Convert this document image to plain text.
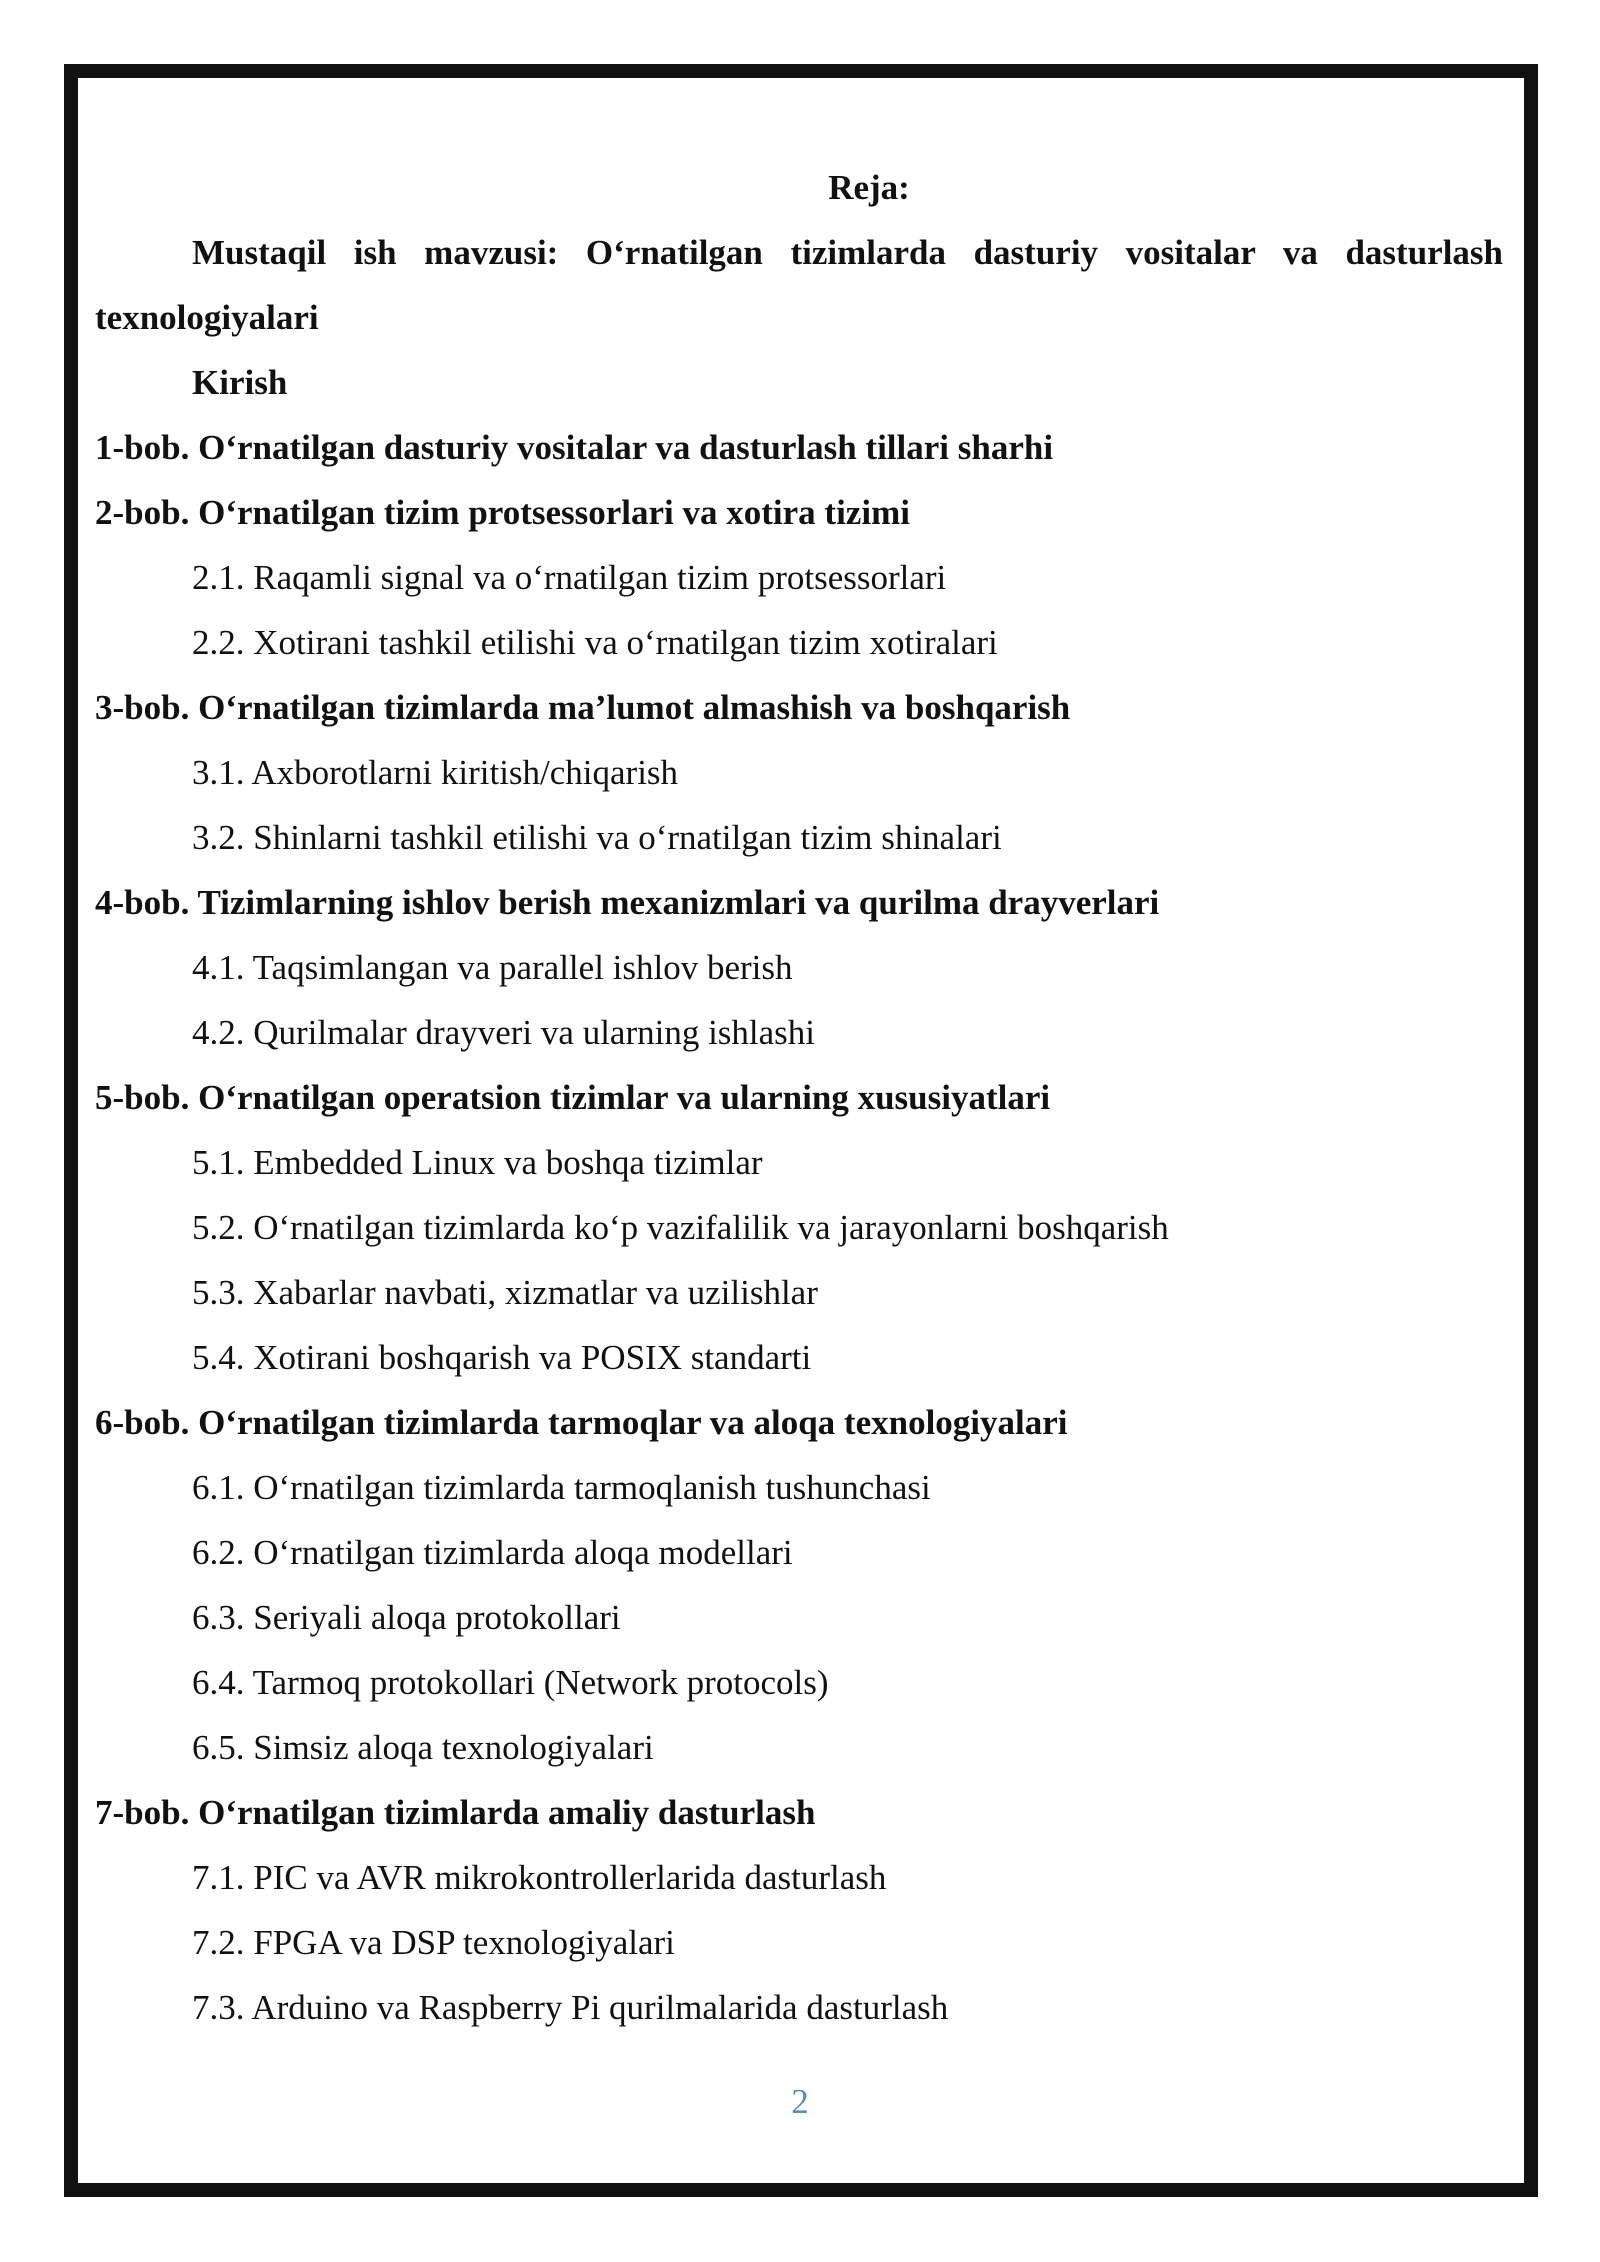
Reja:
Mustaqil ish mavzusi: O‘rnatilgan tizimlarda dasturiy vositalar va dasturlash
texnologiyalari
Kirish
1-bob. O‘rnatilgan dasturiy vositalar va dasturlash tillari sharhi
2-bob. O‘rnatilgan tizim protsessorlari va xotira tizimi
2.1. Raqamli signal va o‘rnatilgan tizim protsessorlari
2.2. Xotirani tashkil etilishi va o‘rnatilgan tizim xotiralari
3-bob. O‘rnatilgan tizimlarda ma’lumot almashish va boshqarish
3.1. Axborotlarni kiritish/chiqarish
3.2. Shinlarni tashkil etilishi va o‘rnatilgan tizim shinalari
4-bob. Tizimlarning ishlov berish mexanizmlari va qurilma drayverlari
4.1. Taqsimlangan va parallel ishlov berish
4.2. Qurilmalar drayveri va ularning ishlashi
5-bob. O‘rnatilgan operatsion tizimlar va ularning xususiyatlari
5.1. Embedded Linux va boshqa tizimlar
5.2. O‘rnatilgan tizimlarda ko‘p vazifalilik va jarayonlarni boshqarish
5.3. Xabarlar navbati, xizmatlar va uzilishlar
5.4. Xotirani boshqarish va POSIX standarti
6-bob. O‘rnatilgan tizimlarda tarmoqlar va aloqa texnologiyalari
6.1. O‘rnatilgan tizimlarda tarmoqlanish tushunchasi
6.2. O‘rnatilgan tizimlarda aloqa modellari
6.3. Seriyali aloqa protokollari
6.4. Tarmoq protokollari (Network protocols)
6.5. Simsiz aloqa texnologiyalari
7-bob. O‘rnatilgan tizimlarda amaliy dasturlash
7.1. PIC va AVR mikrokontrollerlarida dasturlash
7.2. FPGA va DSP texnologiyalari
7.3. Arduino va Raspberry Pi qurilmalarida dasturlash
2
